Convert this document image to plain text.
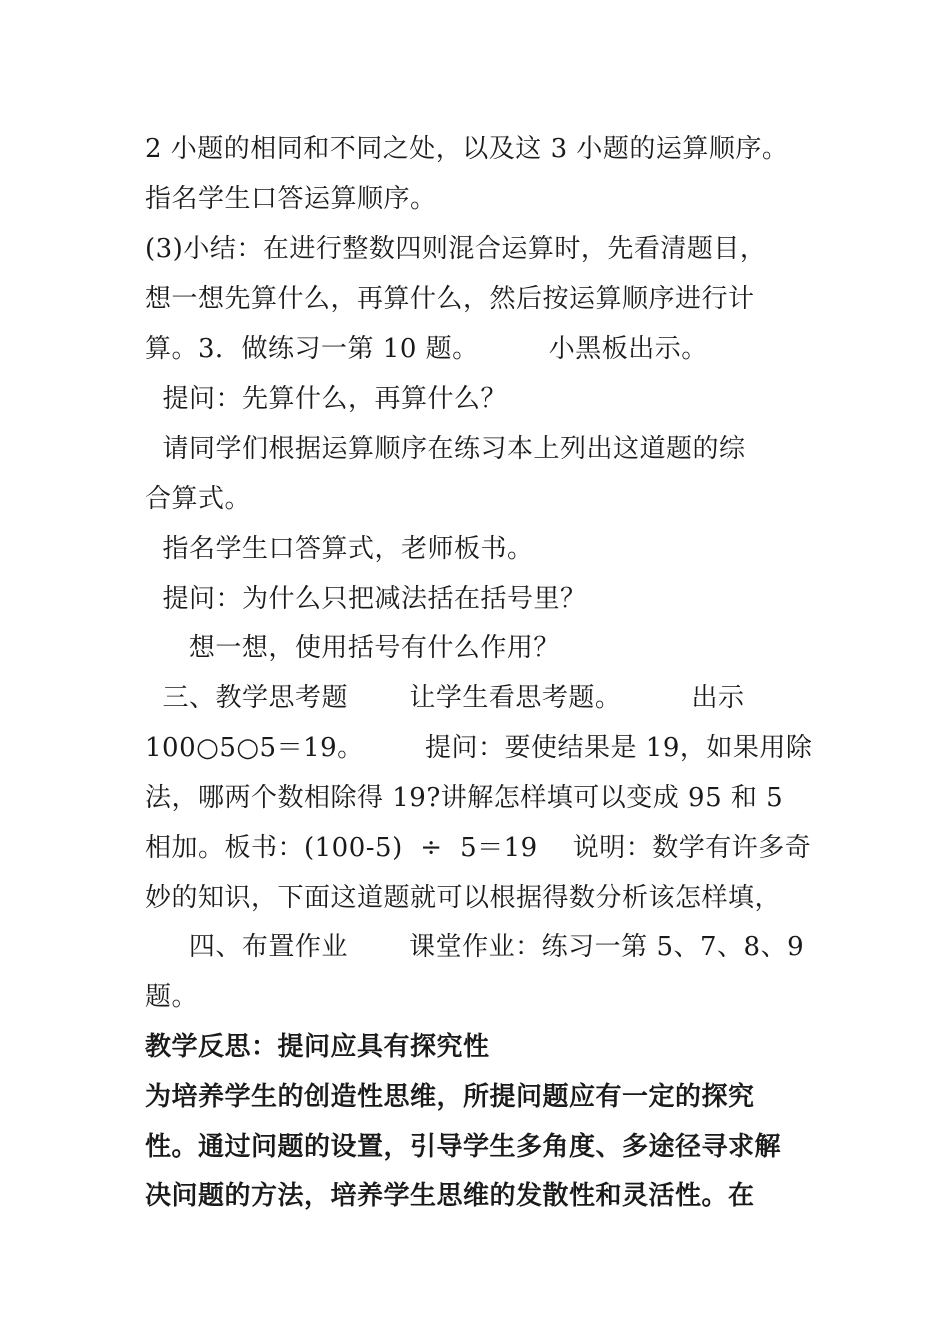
2 小题的相同和不同之处，以及这 3 小题的运算顺序。
指名学生口答运算顺序。
(3)小结：在进行整数四则混合运算时，先看清题目，
想一想先算什么，再算什么，然后按运算顺序进行计
算。3．做练习一第 10 题。        小黑板出示。
提问：先算什么，再算什么？
请同学们根据运算顺序在练习本上列出这道题的综
合算式。
指名学生口答算式，老师板书。
提问：为什么只把减法括在括号里？
想一想，使用括号有什么作用？
三、教学思考题       让学生看思考题。        出示
100○5○5＝19。       提问：要使结果是 19，如果用除
法，哪两个数相除得 19?讲解怎样填可以变成 95 和 5
相加。板书：(100-5)  ÷  5＝19    说明：数学有许多奇
妙的知识，下面这道题就可以根据得数分析该怎样填，
四、布置作业       课堂作业：练习一第 5、7、8、9
题。
教学反思：提问应具有探究性
为培养学生的创造性思维，所提问题应有一定的探究
性。通过问题的设置，引导学生多角度、多途径寻求解
决问题的方法，培养学生思维的发散性和灵活性。在
